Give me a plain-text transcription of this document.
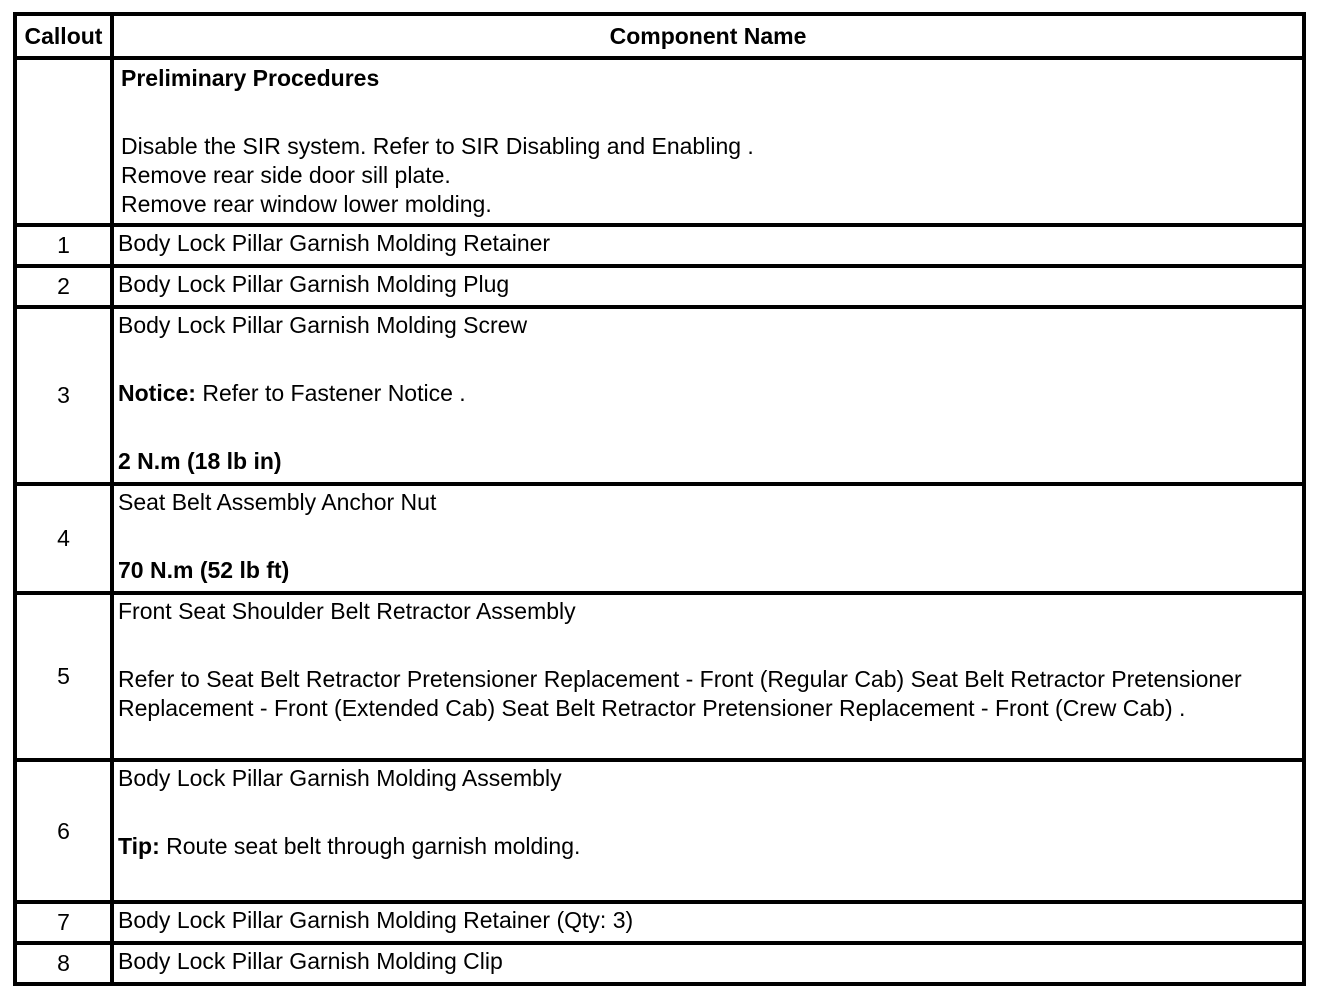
Callout	Component Name

	Preliminary Procedures

Disable the SIR system. Refer to SIR Disabling and Enabling .

Remove rear side door sill plate.

Remove rear window lower molding.

1	Body Lock Pillar Garnish Molding Retainer
2	Body Lock Pillar Garnish Molding Plug
3	Body Lock Pillar Garnish Molding Screw

Notice: Refer to Fastener Notice .

2 N.m (18 lb in)

4	Seat Belt Assembly Anchor Nut

70 N.m (52 lb ft)

5	Front Seat Shoulder Belt Retractor Assembly

Refer to Seat Belt Retractor Pretensioner Replacement - Front (Regular Cab) Seat Belt Retractor Pretensioner Replacement - Front (Extended Cab) Seat Belt Retractor Pretensioner Replacement - Front (Crew Cab) .

6	Body Lock Pillar Garnish Molding Assembly

Tip: Route seat belt through garnish molding.

7	Body Lock Pillar Garnish Molding Retainer (Qty: 3)
8	Body Lock Pillar Garnish Molding Clip
